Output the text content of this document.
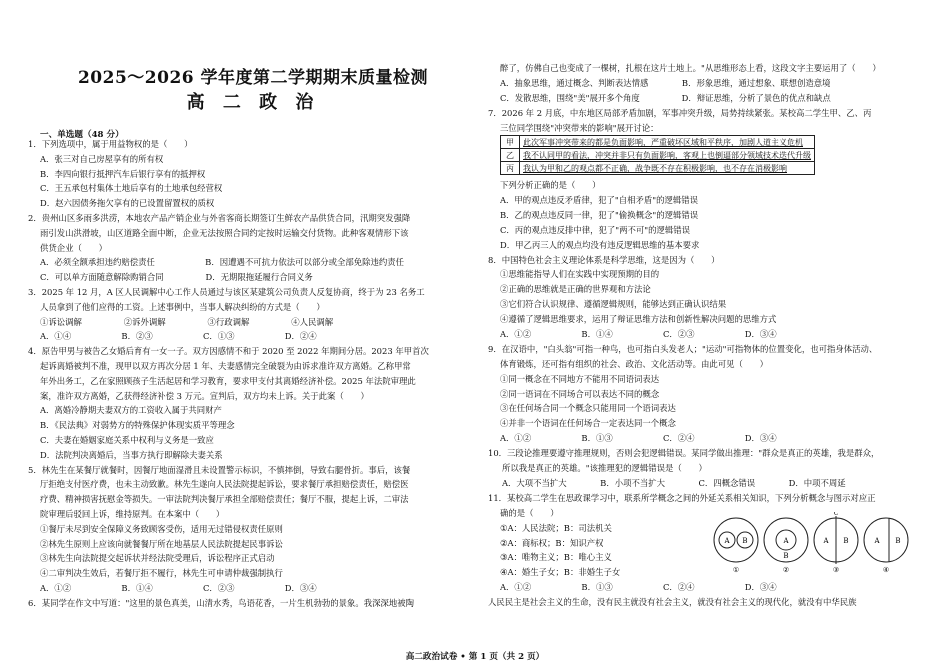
2025～2026 学年度第二学期期末质量检测
高 二 政 治
一、单选题（48 分）
1．下列选项中，属于用益物权的是（　　）
A．张三对自己房屋享有的所有权
B．李四向银行抵押汽车后银行享有的抵押权
C．王五承包村集体土地后享有的土地承包经营权
D．赵六因债务拖欠享有的已设置留置权的质权
2．贵州山区多雨多洪涝，本地农产品产销企业与外省客商长期签订生鲜农产品供货合同，汛期突发强降
雨引发山洪滑坡，山区道路全面中断，企业无法按照合同约定按时运输交付货物。此种客观情形下该
供货企业（　　）
A．必须全额承担违约赔偿责任　　　　　　B．因遭遇不可抗力依法可以部分或全部免除违约责任
C．可以单方面随意解除购销合同　　　　　D．无期限拖延履行合同义务
3．2025 年 12 月，A 区人民调解中心工作人员通过与该区某建筑公司负责人反复协商，终于为 23 名务工
人员拿到了他们应得的工资。上述事例中，当事人解决纠纷的方式是（　　）
①诉讼调解　　　　　②诉外调解　　　　　③行政调解　　　　　④人民调解
A．①④　　　　　　B．②③　　　　　　C．①③　　　　　　D．②④
4．原告甲男与被告乙女婚后育有一女一子。双方因感情不和于 2020 至 2022 年期间分居。2023 年甲首次
起诉离婚被判不准，现甲以双方再次分居 1 年、夫妻感情完全破裂为由诉求准许双方离婚。乙称甲常
年外出务工，乙在家照顾孩子生活起居和学习教育，要求甲支付其离婚经济补偿。2025 年法院审理此
案，准许双方离婚，乙获得经济补偿 3 万元。宣判后，双方均未上诉。关于此案（　　）
A．离婚冷静期夫妻双方的工资收入属于共同财产
B．《民法典》对弱势方的特殊保护体现实质平等理念
C．夫妻在婚姻家庭关系中权利与义务是一致应
D．法院判决离婚后，当事方执行即解除夫妻关系
5．林先生在某餐厅就餐时，因餐厅地面湿滑且未设置警示标识，不慎摔倒，导致右腿骨折。事后，该餐
厅拒绝支付医疗费，也未主动致歉。林先生遂向人民法院提起诉讼，要求餐厅承担赔偿责任，赔偿医
疗费、精神损害抚慰金等损失。一审法院判决餐厅承担全部赔偿责任；餐厅不服，提起上诉，二审法
院审理后驳回上诉，维持原判。在本案中（　　）
①餐厅未尽到安全保障义务致顾客受伤，适用无过错侵权责任原则
②林先生原则上应该向就餐餐厅所在地基层人民法院提起民事诉讼
③林先生向法院提交起诉状并经法院受理后，诉讼程序正式启动
④二审判决生效后，若餐厅拒不履行，林先生可申请仲裁强制执行
A．①②　　　　　　B．①④　　　　　　C．②③　　　　　　D．③④
6．某同学在作文中写道："这里的景色真美，山清水秀，鸟语花香，一片生机勃勃的景象。我深深地被陶
醉了，仿佛自己也变成了一棵树，扎根在这片土地上。"从思维形态上看，这段文字主要运用了（　　）
A．抽象思维，通过概念、判断表达情感　　　　B．形象思维，通过想象、联想创造意境
C．发散思维，围绕"美"展开多个角度　　　　　D．辩证思维，分析了景色的优点和缺点
7．2026 年 2 月底，中东地区局部矛盾加剧，军事冲突升级，局势持续紧张。某校高二学生甲、乙、丙
三位同学围绕"冲突带来的影响"展开讨论：
下列分析正确的是（　　）
A．甲的观点违反矛盾律，犯了"自相矛盾"的逻辑错误
B．乙的观点违反同一律，犯了"偷换概念"的逻辑错误
C．丙的观点违反排中律，犯了"两不可"的逻辑错误
D．甲乙丙三人的观点均没有违反逻辑思维的基本要求
8．中国特色社会主义理论体系是科学思维，这是因为（　　）
①思维能指导人们在实践中实现预期的目的
②正确的思维就是正确的世界观和方法论
③它们符合认识规律、遵循逻辑规则，能够达到正确认识结果
④遵循了逻辑思维要求，运用了辩证思维方法和创新性解决问题的思维方式
A．①②　　　　　　B．①④　　　　　　C．②③　　　　　　D．③④
9．在汉语中，"白头翁"可指一种鸟，也可指白头发老人；"运动"可指物体的位置变化，也可指身体活动、
体育锻炼，还可指有组织的社会、政治、文化活动等。由此可见（　　）
①同一概念在不同地方不能用不同语词表达
②同一语词在不同场合可以表达不同的概念
③在任何场合同一个概念只能用同一个语词表达
④并非一个语词在任何场合一定表达同一个概念
A．①②　　　　　　B．①③　　　　　　C．②④　　　　　　D．③④
10．三段论推理要遵守推理规则，否则会犯逻辑错误。某同学做出推理："群众是真正的英雄，我是群众，
所以我是真正的英雄。"该推理犯的逻辑错误是（　　）
A．大项不当扩大　　　　B．小项不当扩大　　　　C．四概念错误　　　　D．中项不周延
11．某校高二学生在思政课学习中，联系所学概念之间的外延关系相关知识，下列分析概念与图示对应正
确的是（　　）
①A：人民法院；B：司法机关
②A：商标权；B：知识产权
③A：唯物主义；B：唯心主义
④A：婚生子女；B：非婚生子女
A．①②　　　　　　B．①③　　　　　　C．②④　　　　　　D．③④
人民民主是社会主义的生命，没有民主就没有社会主义，就没有社会主义的现代化，就没有中华民族
甲	此次军事冲突带来的都是负面影响，严重破坏区域和平秩序，加剧人道主义危机
乙	我不认同甲的看法，冲突并非只有负面影响，客观上也倒逼部分领域技术迭代升级
丙	我认为甲和乙的观点都不正确，战争既不存在积极影响，也不存在消极影响
A B	A
B
A B
C
A B
①	②	③	④
高二政治试卷 • 第 1 页（共 2 页）
